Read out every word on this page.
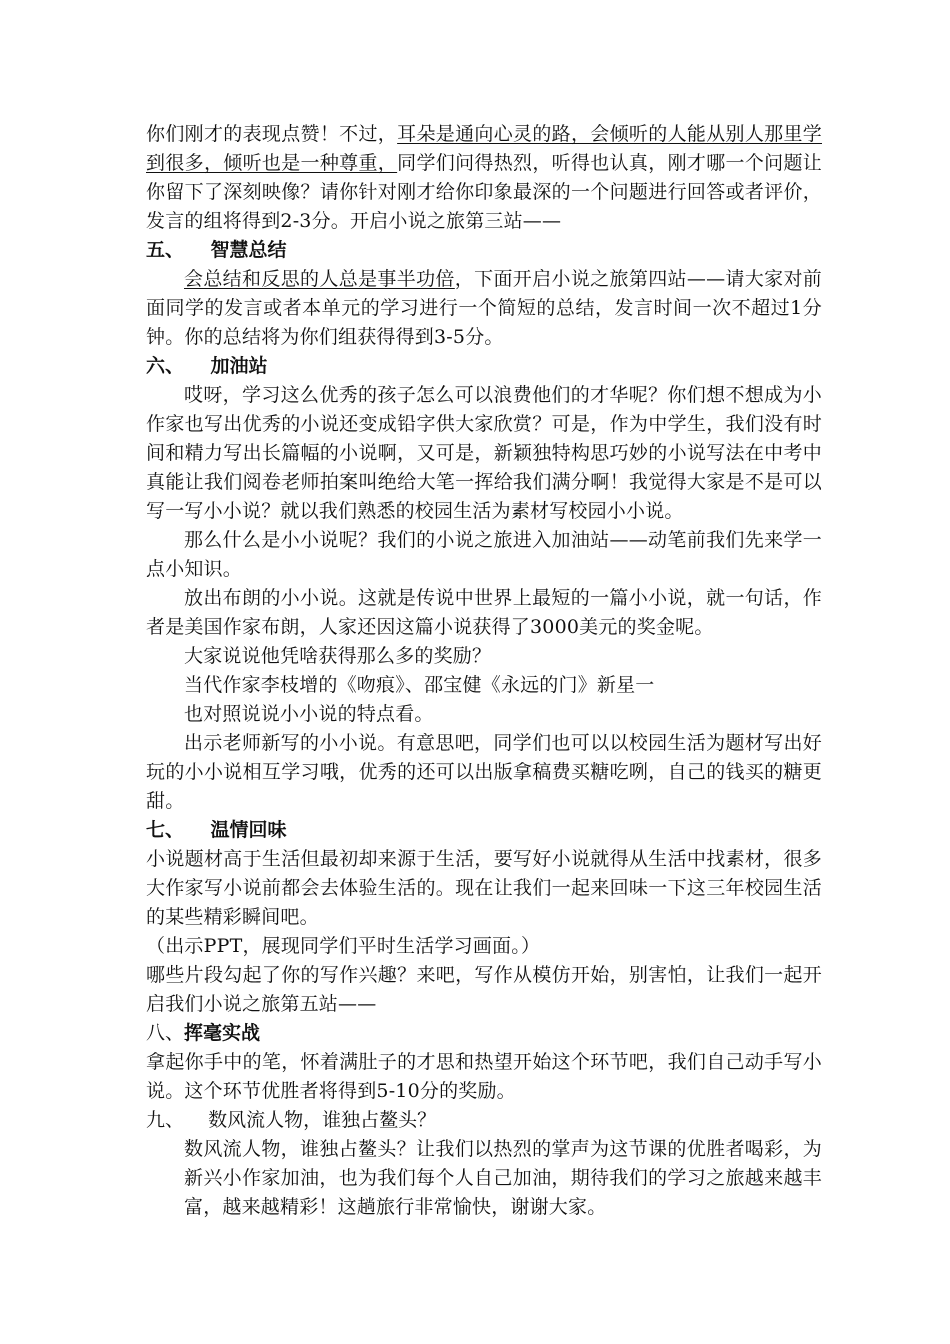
你们刚才的表现点赞！不过，耳朵是通向心灵的路，会倾听的人能从别人那里学到很多，倾听也是一种尊重，同学们问得热烈，听得也认真，刚才哪一个问题让你留下了深刻映像？请你针对刚才给你印象最深的一个问题进行回答或者评价，发言的组将得到2-3分。开启小说之旅第三站——

五、    智慧总结

会总结和反思的人总是事半功倍，下面开启小说之旅第四站——请大家对前面同学的发言或者本单元的学习进行一个简短的总结，发言时间一次不超过1分钟。你的总结将为你们组获得得到3-5分。

六、    加油站

哎呀，学习这么优秀的孩子怎么可以浪费他们的才华呢？你们想不想成为小作家也写出优秀的小说还变成铅字供大家欣赏？可是，作为中学生，我们没有时间和精力写出长篇幅的小说啊，又可是，新颖独特构思巧妙的小说写法在中考中真能让我们阅卷老师拍案叫绝给大笔一挥给我们满分啊！我觉得大家是不是可以写一写小小说？就以我们熟悉的校园生活为素材写校园小小说。

那么什么是小小说呢？我们的小说之旅进入加油站——动笔前我们先来学一点小知识。

放出布朗的小小说。这就是传说中世界上最短的一篇小小说，就一句话，作者是美国作家布朗，人家还因这篇小说获得了3000美元的奖金呢。

大家说说他凭啥获得那么多的奖励？

当代作家李枝增的《吻痕》、邵宝健《永远的门》新星一

也对照说说小小说的特点看。

出示老师新写的小小说。有意思吧，同学们也可以以校园生活为题材写出好玩的小小说相互学习哦，优秀的还可以出版拿稿费买糖吃咧，自己的钱买的糖更甜。

七、    温情回味

小说题材高于生活但最初却来源于生活，要写好小说就得从生活中找素材，很多大作家写小说前都会去体验生活的。现在让我们一起来回味一下这三年校园生活的某些精彩瞬间吧。

（出示PPT，展现同学们平时生活学习画面。）

哪些片段勾起了你的写作兴趣？来吧，写作从模仿开始，别害怕，让我们一起开启我们小说之旅第五站——

八、挥毫实战

拿起你手中的笔，怀着满肚子的才思和热望开始这个环节吧，我们自己动手写小说。这个环节优胜者将得到5-10分的奖励。

九、    数风流人物，谁独占鳌头？

数风流人物，谁独占鳌头？让我们以热烈的掌声为这节课的优胜者喝彩，为新兴小作家加油，也为我们每个人自己加油，期待我们的学习之旅越来越丰富，越来越精彩！这趟旅行非常愉快，谢谢大家。
